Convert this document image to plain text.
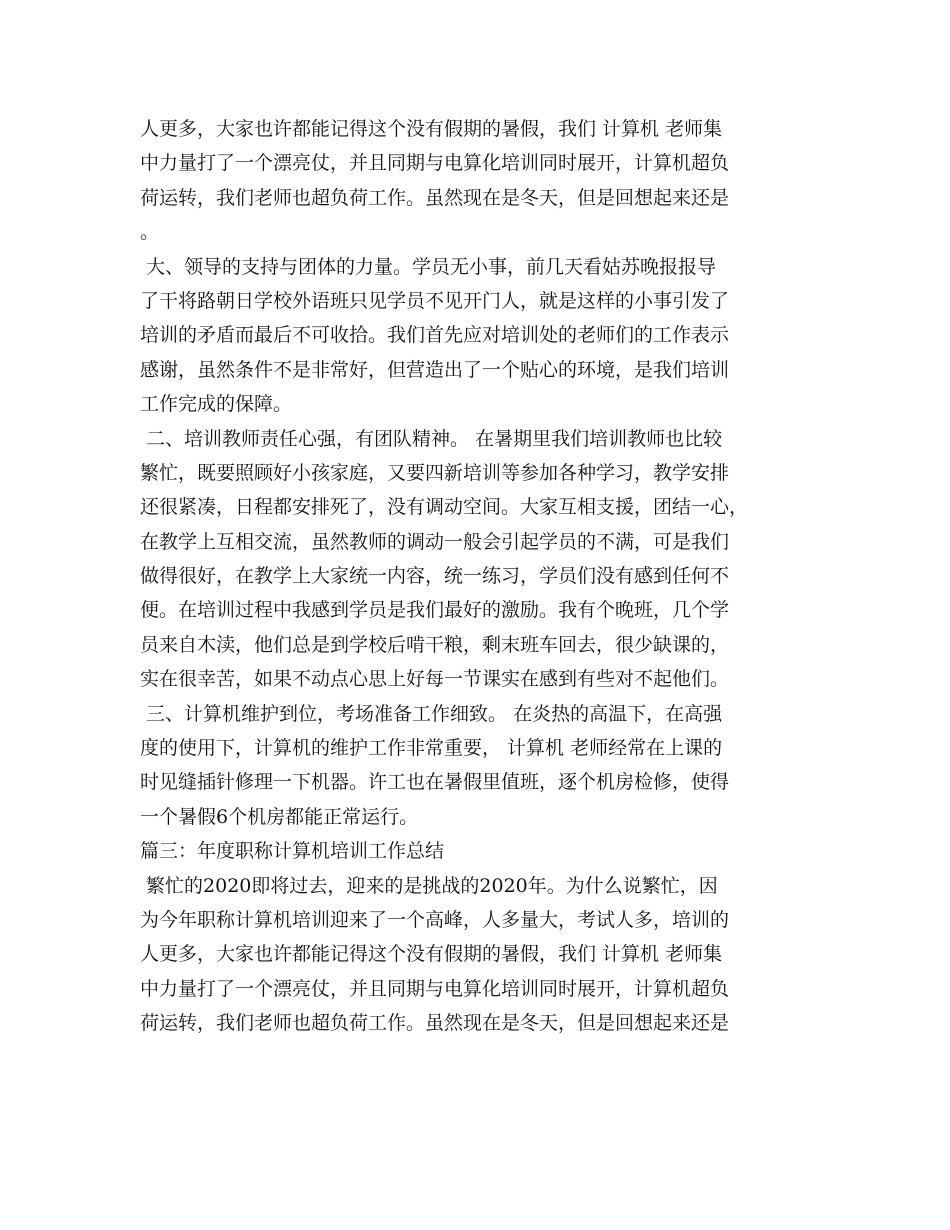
人更多，大家也许都能记得这个没有假期的暑假，我们 计算机 老师集
中力量打了一个漂亮仗，并且同期与电算化培训同时展开，计算机超负
荷运转，我们老师也超负荷工作。虽然现在是冬天，但是回想起来还是
。
大、领导的支持与团体的力量。学员无小事，前几天看姑苏晚报报导
了干将路朝日学校外语班只见学员不见开门人，就是这样的小事引发了
培训的矛盾而最后不可收拾。我们首先应对培训处的老师们的工作表示
感谢，虽然条件不是非常好，但营造出了一个贴心的环境，是我们培训
工作完成的保障。
二、培训教师责任心强，有团队精神。 在暑期里我们培训教师也比较
繁忙，既要照顾好小孩家庭，又要四新培训等参加各种学习，教学安排
还很紧凑，日程都安排死了，没有调动空间。大家互相支援，团结一心，
在教学上互相交流，虽然教师的调动一般会引起学员的不满，可是我们
做得很好，在教学上大家统一内容，统一练习，学员们没有感到任何不
便。在培训过程中我感到学员是我们最好的激励。我有个晚班，几个学
员来自木渎，他们总是到学校后啃干粮，剩末班车回去，很少缺课的，
实在很幸苦，如果不动点心思上好每一节课实在感到有些对不起他们。
三、计算机维护到位，考场准备工作细致。 在炎热的高温下，在高强
度的使用下，计算机的维护工作非常重要， 计算机 老师经常在上课的
时见缝插针修理一下机器。许工也在暑假里值班，逐个机房检修，使得
一个暑假6个机房都能正常运行。
篇三：年度职称计算机培训工作总结
繁忙的2020即将过去，迎来的是挑战的2020年。为什么说繁忙，因
为今年职称计算机培训迎来了一个高峰，人多量大，考试人多，培训的
人更多，大家也许都能记得这个没有假期的暑假，我们 计算机 老师集
中力量打了一个漂亮仗，并且同期与电算化培训同时展开，计算机超负
荷运转，我们老师也超负荷工作。虽然现在是冬天，但是回想起来还是
